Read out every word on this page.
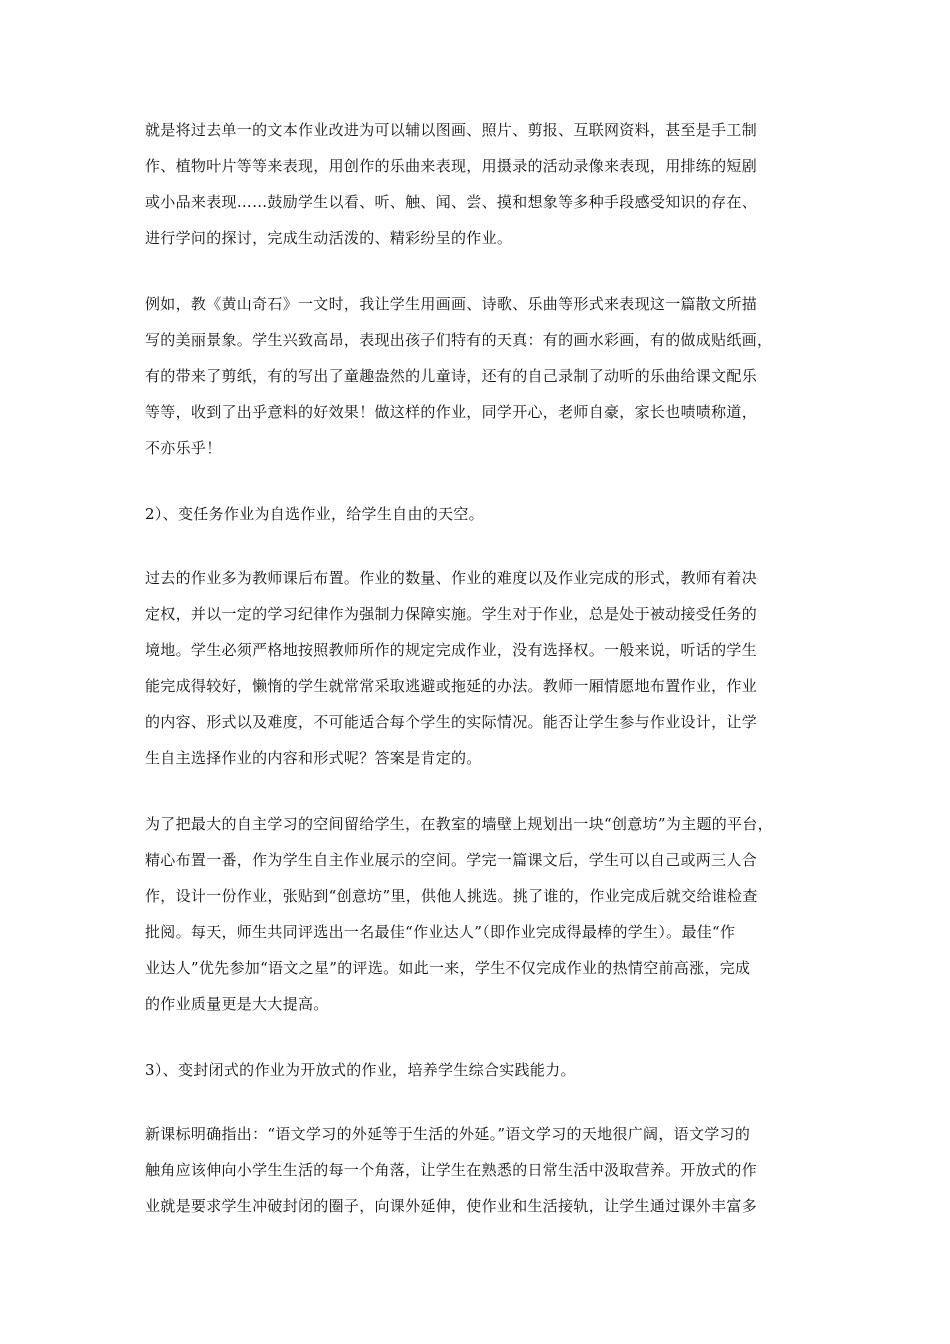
就是将过去单一的文本作业改进为可以辅以图画、照片、剪报、互联网资料，甚至是手工制
作、植物叶片等等来表现，用创作的乐曲来表现，用摄录的活动录像来表现，用排练的短剧
或小品来表现……鼓励学生以看、听、触、闻、尝、摸和想象等多种手段感受知识的存在、
进行学问的探讨，完成生动活泼的、精彩纷呈的作业。
例如，教《黄山奇石》一文时，我让学生用画画、诗歌、乐曲等形式来表现这一篇散文所描
写的美丽景象。学生兴致高昂，表现出孩子们特有的天真：有的画水彩画，有的做成贴纸画，
有的带来了剪纸，有的写出了童趣盎然的儿童诗，还有的自己录制了动听的乐曲给课文配乐
等等，收到了出乎意料的好效果！做这样的作业，同学开心，老师自豪，家长也啧啧称道，
不亦乐乎！
2）、变任务作业为自选作业，给学生自由的天空。
过去的作业多为教师课后布置。作业的数量、作业的难度以及作业完成的形式，教师有着决
定权，并以一定的学习纪律作为强制力保障实施。学生对于作业，总是处于被动接受任务的
境地。学生必须严格地按照教师所作的规定完成作业，没有选择权。一般来说，听话的学生
能完成得较好，懒惰的学生就常常采取逃避或拖延的办法。教师一厢情愿地布置作业，作业
的内容、形式以及难度，不可能适合每个学生的实际情况。能否让学生参与作业设计，让学
生自主选择作业的内容和形式呢？答案是肯定的。
为了把最大的自主学习的空间留给学生，在教室的墙壁上规划出一块“创意坊”为主题的平台，
精心布置一番，作为学生自主作业展示的空间。学完一篇课文后，学生可以自己或两三人合
作，设计一份作业，张贴到“创意坊”里，供他人挑选。挑了谁的，作业完成后就交给谁检查
批阅。每天，师生共同评选出一名最佳“作业达人”（即作业完成得最棒的学生）。最佳“作
业达人”优先参加“语文之星”的评选。如此一来，学生不仅完成作业的热情空前高涨，完成
的作业质量更是大大提高。
3）、变封闭式的作业为开放式的作业，培养学生综合实践能力。
新课标明确指出：“语文学习的外延等于生活的外延。”语文学习的天地很广阔，语文学习的
触角应该伸向小学生生活的每一个角落，让学生在熟悉的日常生活中汲取营养。开放式的作
业就是要求学生冲破封闭的圈子，向课外延伸，使作业和生活接轨，让学生通过课外丰富多
